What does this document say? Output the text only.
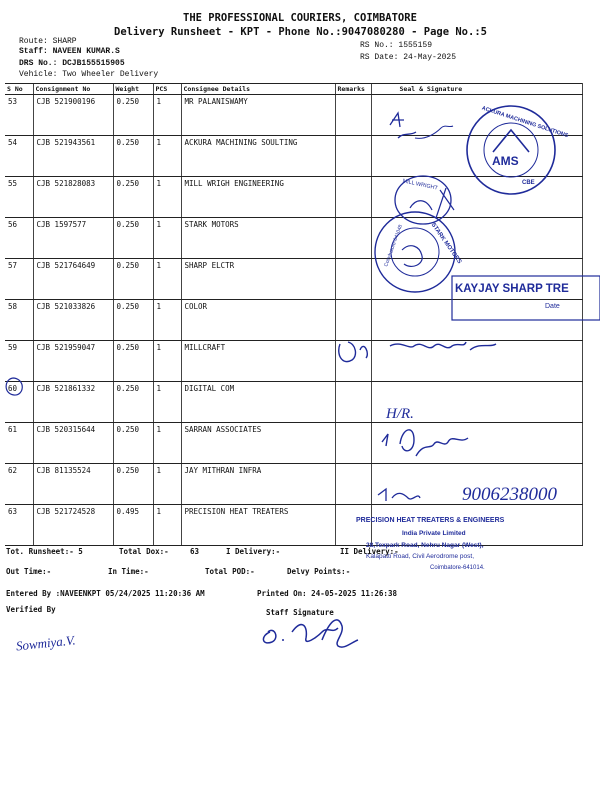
THE PROFESSIONAL COURIERS, COIMBATORE
Delivery Runsheet - KPT - Phone No.:9047080280 - Page No.:5
Route: SHARP
Staff: NAVEEN KUMAR.S
DRS No.: DCJB155515905
Vehicle: Two Wheeler Delivery
RS No.: 1555159
RS Date: 24-May-2025
S No	Consignment No	Weight	PCS	Consignee Details	Remarks	Seal & Signature
53	CJB 521900196	0.250	1	MR PALANISWAMY		
54	CJB 521943561	0.250	1	ACKURA MACHINING SOULTING		
55	CJB 521828083	0.250	1	MILL WRIGH ENGINEERING		
56	CJB 1597577	0.250	1	STARK MOTORS		
57	CJB 521764649	0.250	1	SHARP ELCTR		
58	CJB 521033826	0.250	1	COLOR		
59	CJB 521959047	0.250	1	MILLCRAFT		
60	CJB 521861332	0.250	1	DIGITAL COM		
61	CJB 520315644	0.250	1	SARRAN ASSOCIATES		
62	CJB 81135524	0.250	1	JAY MITHRAN INFRA		
63	CJB 521724528	0.495	1	PRECISION HEAT TREATERS		
AMS
CBE
ACKURA MACHINING SOLUTIONS
MILL WRIGHT
STARK MOTORS
Coimbatore-641048
KAYJAY SHARP TRE
Date
H/R.
9006238000
PRECISION HEAT TREATERS & ENGINEERS
India Private Limited
28,Texpark Road, Nehru Nagar (West),
Kalapatti Road, Civil Aerodrome post,
Coimbatore-641014.
Sowmiya.V.
Tot. Runsheet:- 5	Total Dox:-	63	I Delivery:-	II Delivery:-
Out Time:-	In Time:-	Total POD:-	Delvy Points:-
Entered By :NAVEENKPT 05/24/2025 11:20:36 AM	Printed On: 24-05-2025 11:26:38
Verified By	Staff Signature
